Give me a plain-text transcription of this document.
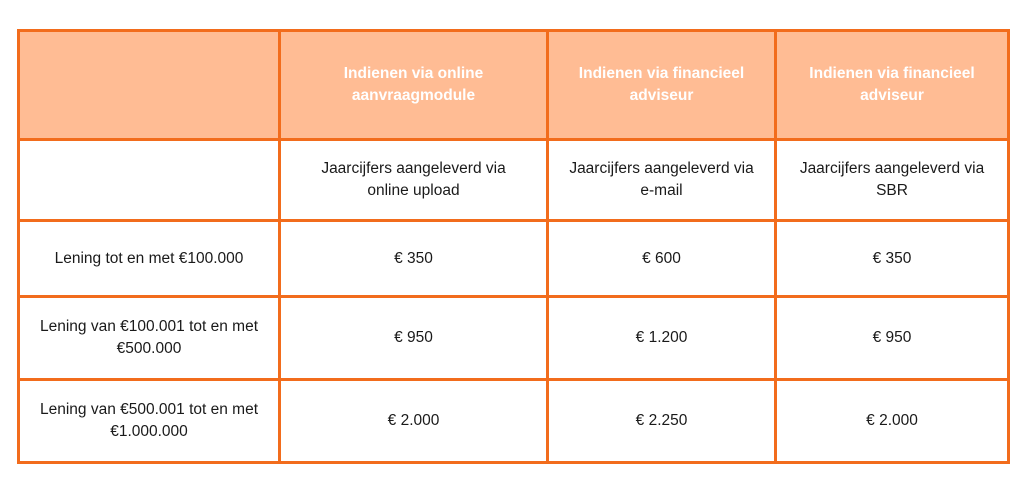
	Indienen via online aanvraagmodule	Indienen via financieel adviseur	Indienen via financieel adviseur
	Jaarcijfers aangeleverd via online upload	Jaarcijfers aangeleverd via e-mail	Jaarcijfers aangeleverd via SBR
Lening tot en met €100.000	€ 350	€ 600	€ 350
Lening van €100.001 tot en met €500.000	€ 950	€ 1.200	€ 950
Lening van €500.001 tot en met €1.000.000	€ 2.000	€ 2.250	€ 2.000
